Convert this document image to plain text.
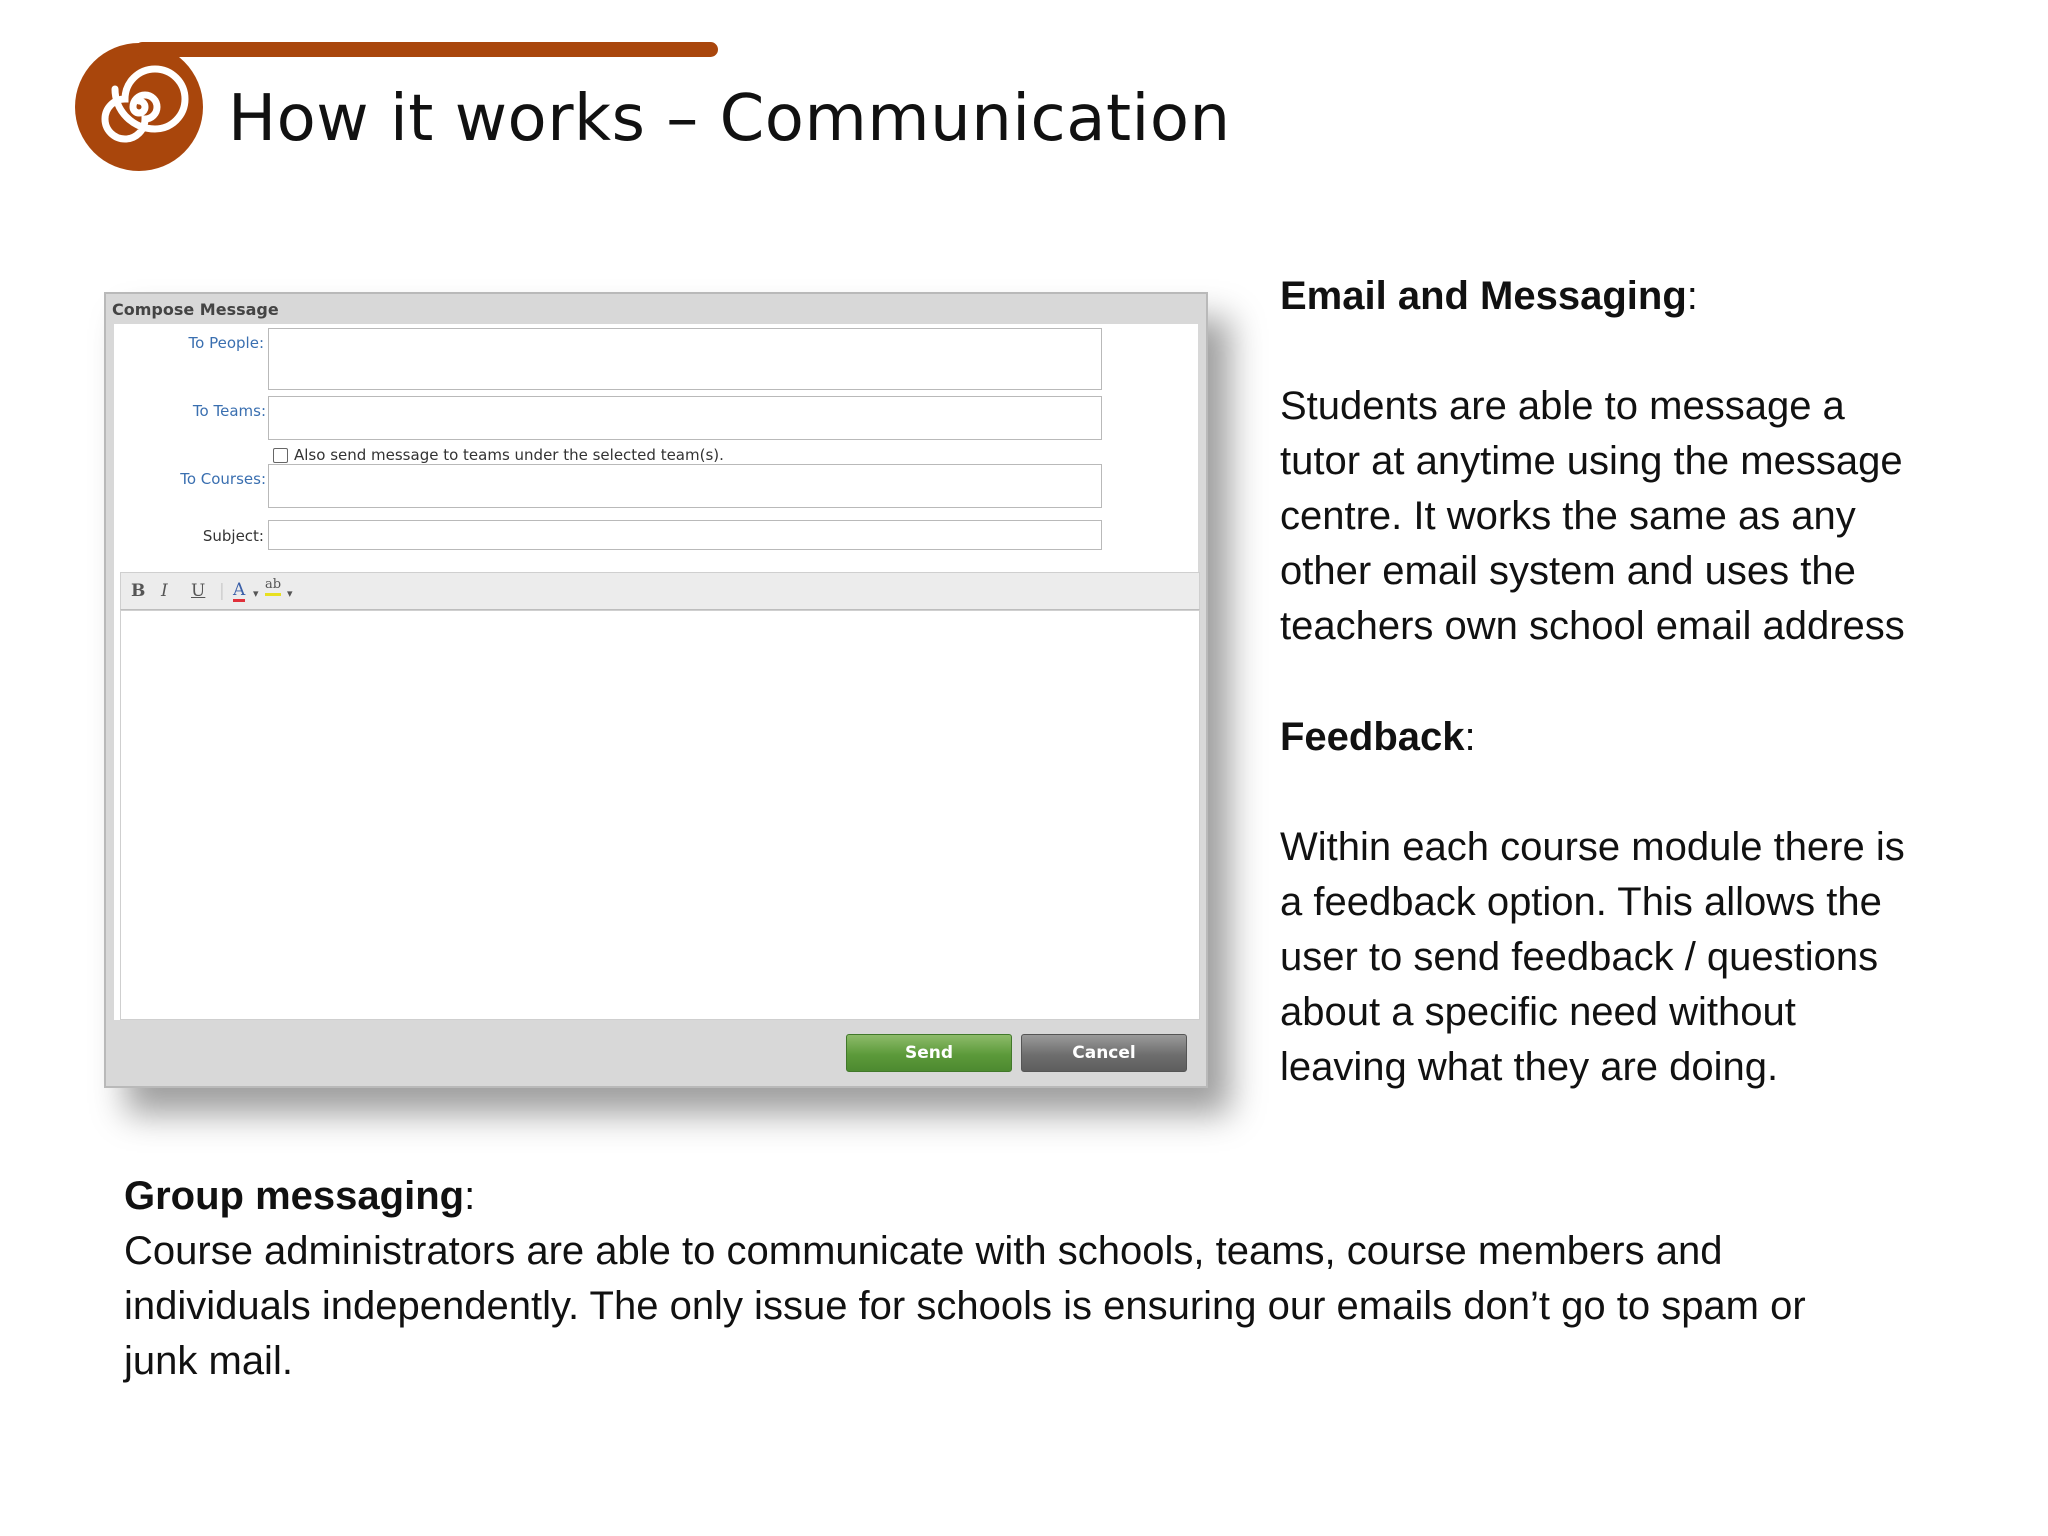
How it works – Communication
Compose Message
To People:
To Teams:
Also send message to teams under the selected team(s).
To Courses:
Subject:
B I U | A ▾
ab
▾
Send	Cancel
Email and Messaging:
Students are able to message a
tutor at anytime using the message
centre. It works the same as any
other email system and uses the
teachers own school email address
Feedback:
Within each course module there is
a feedback option. This allows the
user to send feedback / questions
about a specific need without
leaving what they are doing.
Group messaging:
Course administrators are able to communicate with schools, teams, course members and
individuals independently. The only issue for schools is ensuring our emails don’t go to spam or
junk mail.
